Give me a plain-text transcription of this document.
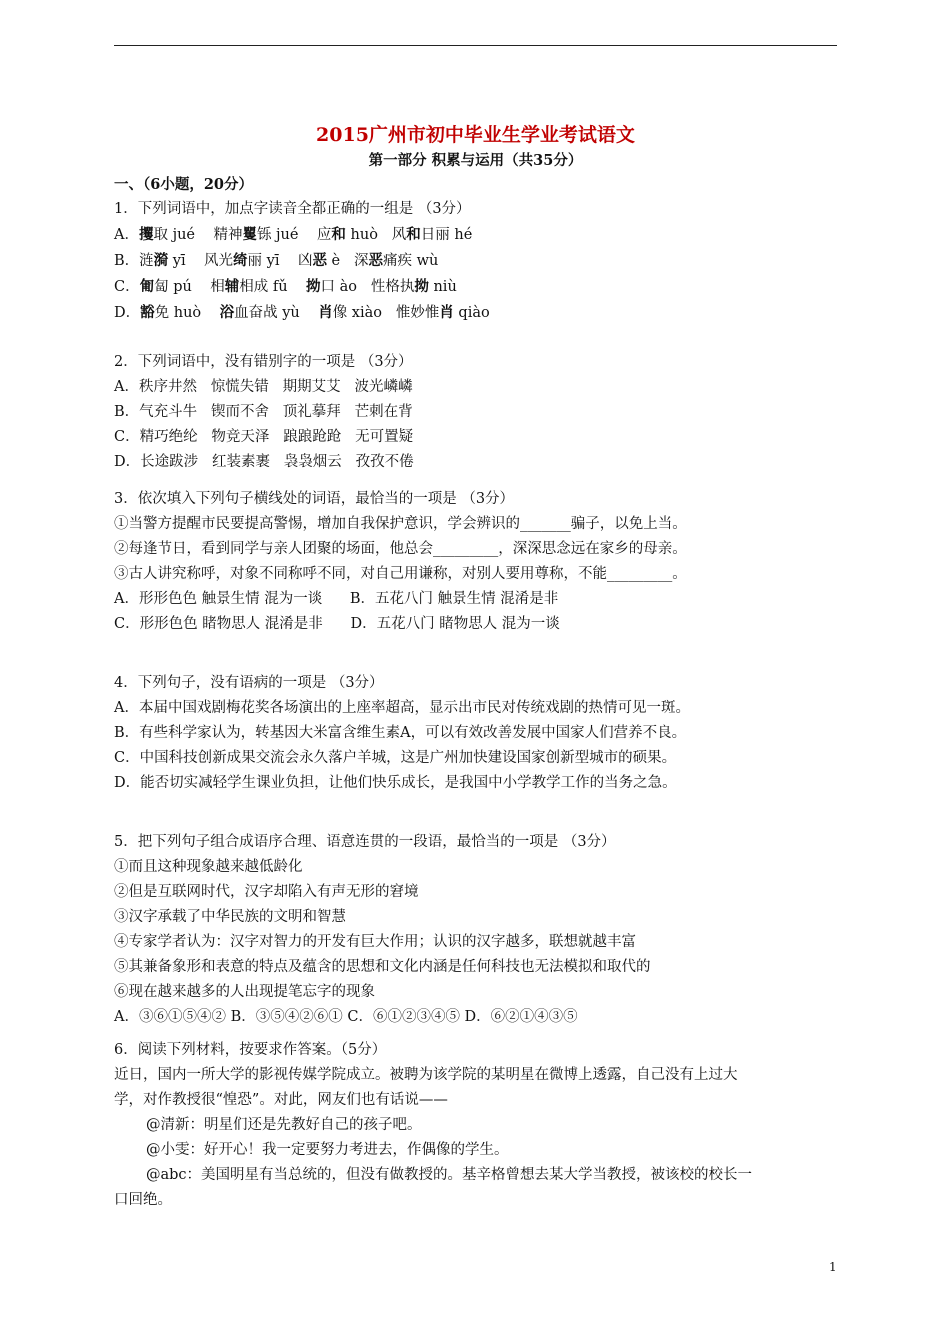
2015广州市初中毕业生学业考试语文
第一部分 积累与运用（共35分）
一、（6小题，20分）
1．下列词语中，加点字读音全都正确的一组是 （3分）
A．攫取 jué 精神矍铄 jué 应和 huò 风和日丽 hé
B．涟漪 yī 风光绮丽 yī 凶恶 è 深恶痛疾 wù
C．匍匐 pú 相辅相成 fǔ 拗口 ào 性格执拗 niù
D．豁免 huò 浴血奋战 yù 肖像 xiào 惟妙惟肖 qiào
2．下列词语中，没有错别字的一项是 （3分）
A．秩序井然   惊慌失错   期期艾艾   波光嶙嶙
B．气充斗牛   锲而不舍   顶礼摹拜   芒刺在背
C．精巧绝纶   物竞天泽   踉踉跄跄   无可置疑
D．长途跋涉   红装素裹   袅袅烟云   孜孜不倦
3．依次填入下列句子横线处的词语，最恰当的一项是 （3分）
①当警方提醒市民要提高警惕，增加自我保护意识，学会辨识的_______骗子，以免上当。
②每逢节日，看到同学与亲人团聚的场面，他总会_________，深深思念远在家乡的母亲。
③古人讲究称呼，对象不同称呼不同，对自己用谦称，对别人要用尊称，不能_________。
A．形形色色 触景生情 混为一谈      B．五花八门 触景生情 混淆是非
C．形形色色 睹物思人 混淆是非      D．五花八门 睹物思人 混为一谈
4．下列句子，没有语病的一项是 （3分）
A．本届中国戏剧梅花奖各场演出的上座率超高，显示出市民对传统戏剧的热情可见一斑。
B．有些科学家认为，转基因大米富含维生素A，可以有效改善发展中国家人们营养不良。
C．中国科技创新成果交流会永久落户羊城，这是广州加快建设国家创新型城市的硕果。
D．能否切实减轻学生课业负担，让他们快乐成长，是我国中小学教学工作的当务之急。
5．把下列句子组合成语序合理、语意连贯的一段语，最恰当的一项是 （3分）
①而且这种现象越来越低龄化
②但是互联网时代，汉字却陷入有声无形的窘境
③汉字承载了中华民族的文明和智慧
④专家学者认为：汉字对智力的开发有巨大作用；认识的汉字越多，联想就越丰富
⑤其兼备象形和表意的特点及蕴含的思想和文化内涵是任何科技也无法模拟和取代的
⑥现在越来越多的人出现提笔忘字的现象
A．③⑥①⑤④② B．③⑤④②⑥① C．⑥①②③④⑤ D．⑥②①④③⑤
6．阅读下列材料，按要求作答案。（5分）
近日，国内一所大学的影视传媒学院成立。被聘为该学院的某明星在微博上透露，自己没有上过大
学，对作教授很“惶恐”。对此，网友们也有话说——
@清新：明星们还是先教好自己的孩子吧。
@小雯：好开心！我一定要努力考进去，作偶像的学生。
@abc：美国明星有当总统的，但没有做教授的。基辛格曾想去某大学当教授，被该校的校长一
口回绝。
1
